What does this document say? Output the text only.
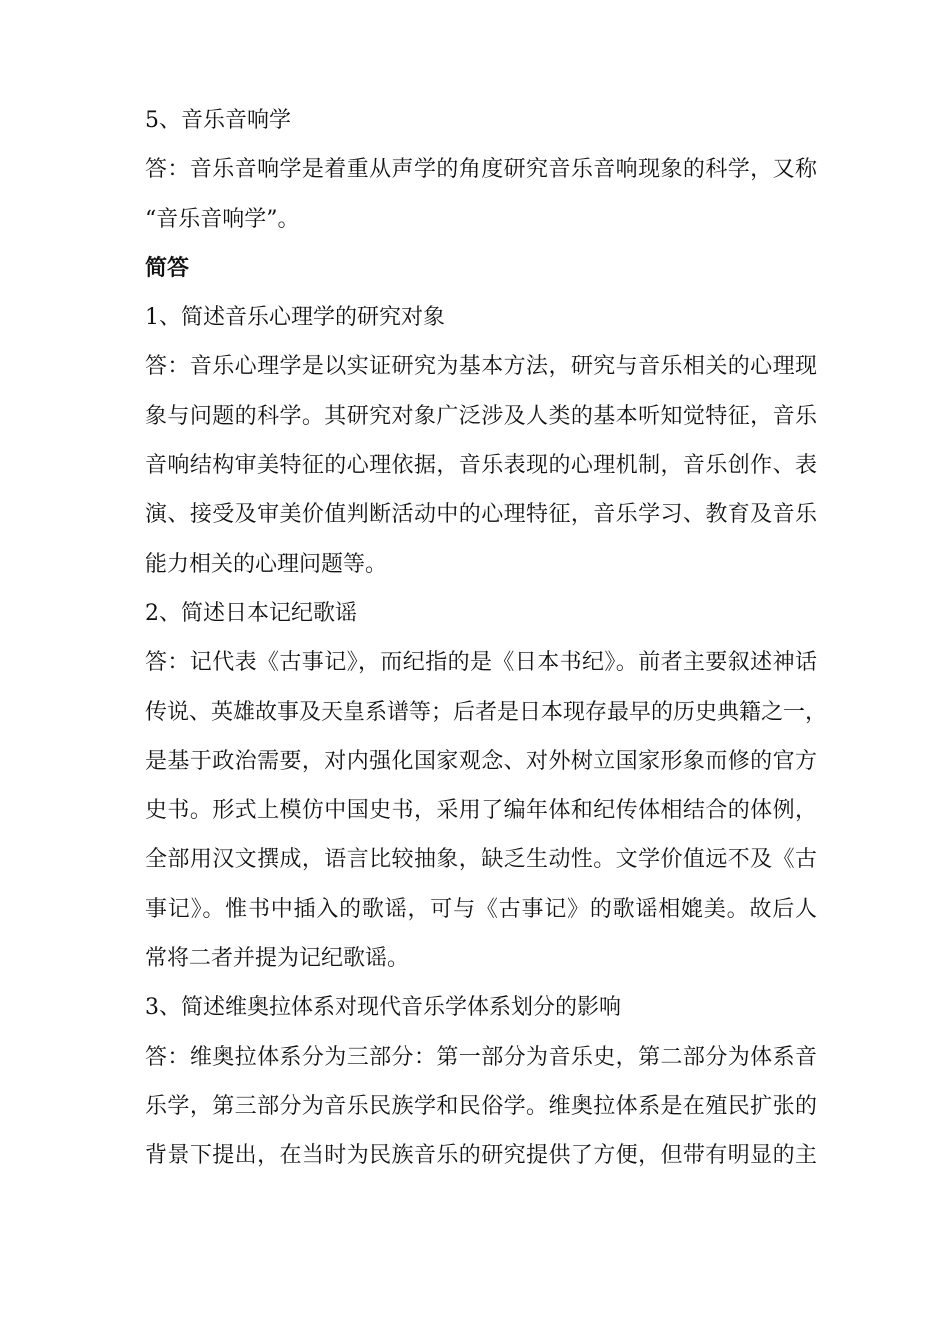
5、音乐音响学
答：音乐音响学是着重从声学的角度研究音乐音响现象的科学，又称
“音乐音响学”。
简答
1、简述音乐心理学的研究对象
答：音乐心理学是以实证研究为基本方法，研究与音乐相关的心理现
象与问题的科学。其研究对象广泛涉及人类的基本听知觉特征，音乐
音响结构审美特征的心理依据，音乐表现的心理机制，音乐创作、表
演、接受及审美价值判断活动中的心理特征，音乐学习、教育及音乐
能力相关的心理问题等。
2、简述日本记纪歌谣
答：记代表《古事记》，而纪指的是《日本书纪》。前者主要叙述神话
传说、英雄故事及天皇系谱等；后者是日本现存最早的历史典籍之一，
是基于政治需要，对内强化国家观念、对外树立国家形象而修的官方
史书。形式上模仿中国史书，采用了编年体和纪传体相结合的体例，
全部用汉文撰成，语言比较抽象，缺乏生动性。文学价值远不及《古
事记》。惟书中插入的歌谣，可与《古事记》的歌谣相媲美。故后人
常将二者并提为记纪歌谣。
3、简述维奥拉体系对现代音乐学体系划分的影响
答：维奥拉体系分为三部分：第一部分为音乐史，第二部分为体系音
乐学，第三部分为音乐民族学和民俗学。维奥拉体系是在殖民扩张的
背景下提出，在当时为民族音乐的研究提供了方便，但带有明显的主
